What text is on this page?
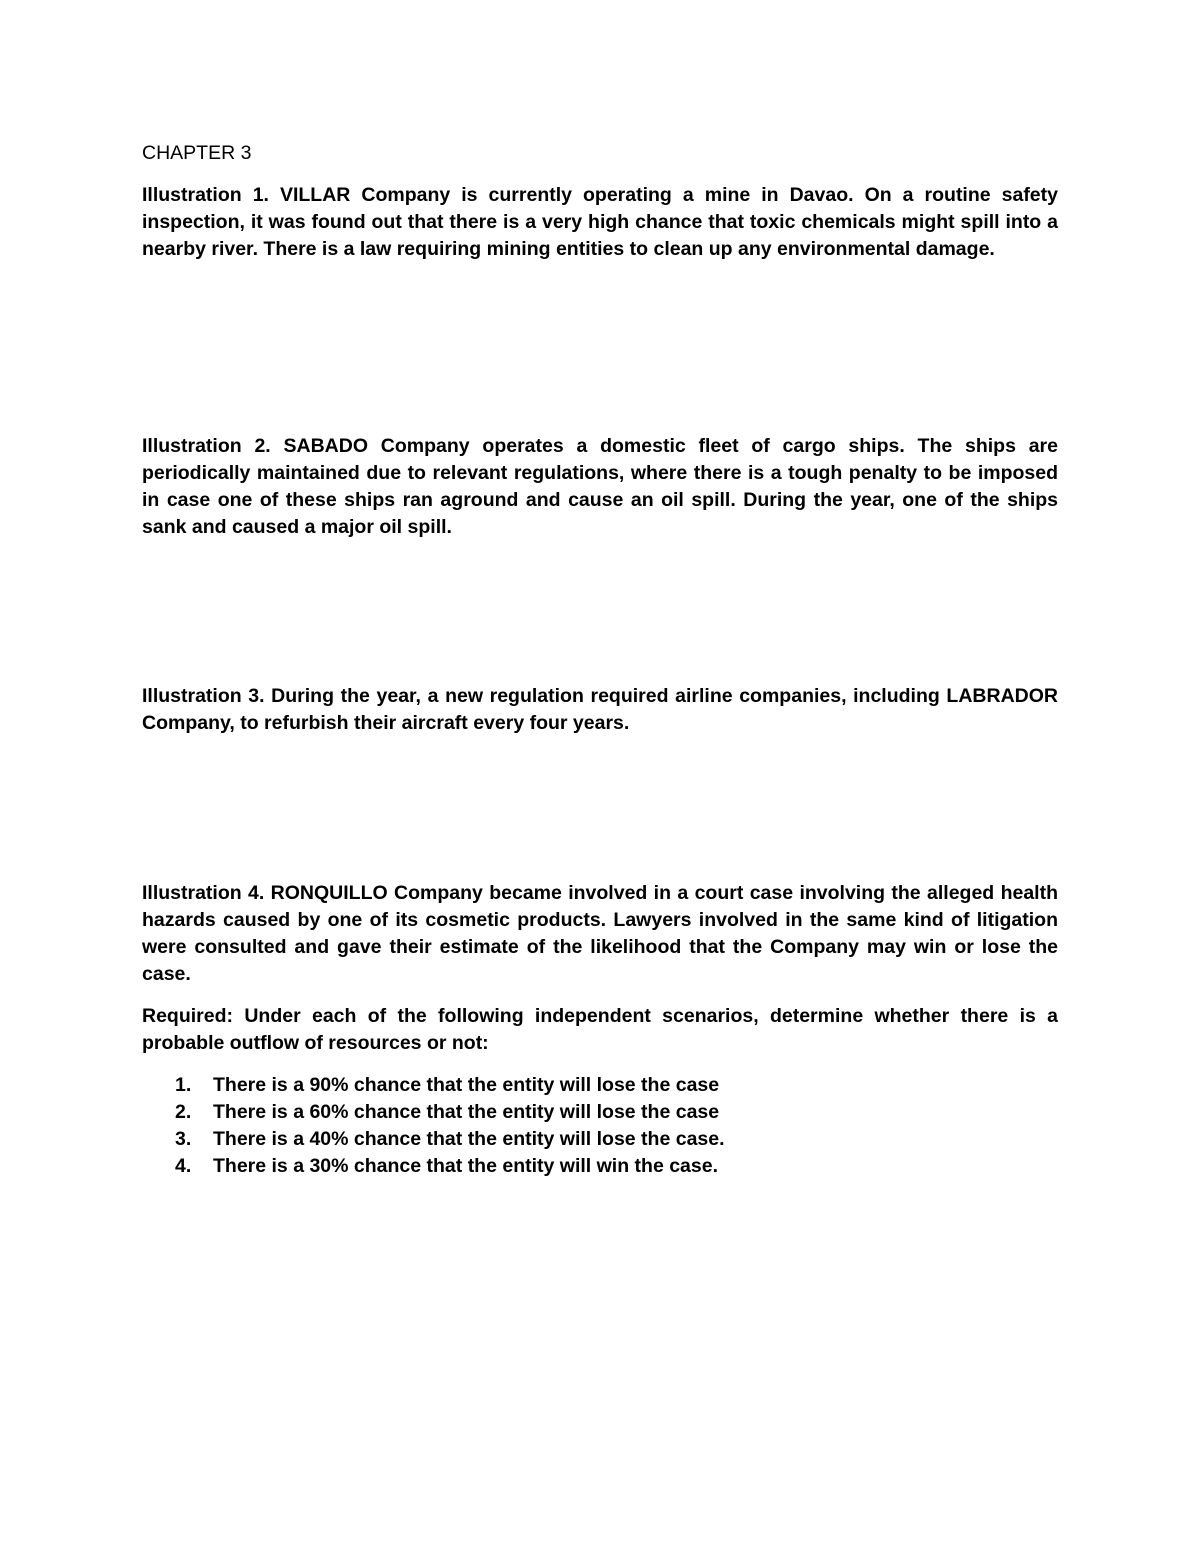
CHAPTER 3

Illustration 1. VILLAR Company is currently operating a mine in Davao. On a routine safety inspection, it was found out that there is a very high chance that toxic chemicals might spill into a nearby river. There is a law requiring mining entities to clean up any environmental damage.

Illustration 2. SABADO Company operates a domestic fleet of cargo ships. The ships are periodically maintained due to relevant regulations, where there is a tough penalty to be imposed in case one of these ships ran aground and cause an oil spill. During the year, one of the ships sank and caused a major oil spill.

Illustration 3. During the year, a new regulation required airline companies, including LABRADOR Company, to refurbish their aircraft every four years.

Illustration 4. RONQUILLO Company became involved in a court case involving the alleged health hazards caused by one of its cosmetic products. Lawyers involved in the same kind of litigation were consulted and gave their estimate of the likelihood that the Company may win or lose the case.

Required: Under each of the following independent scenarios, determine whether there is a probable outflow of resources or not:

1. There is a 90% chance that the entity will lose the case
2. There is a 60% chance that the entity will lose the case
3. There is a 40% chance that the entity will lose the case.
4. There is a 30% chance that the entity will win the case.
